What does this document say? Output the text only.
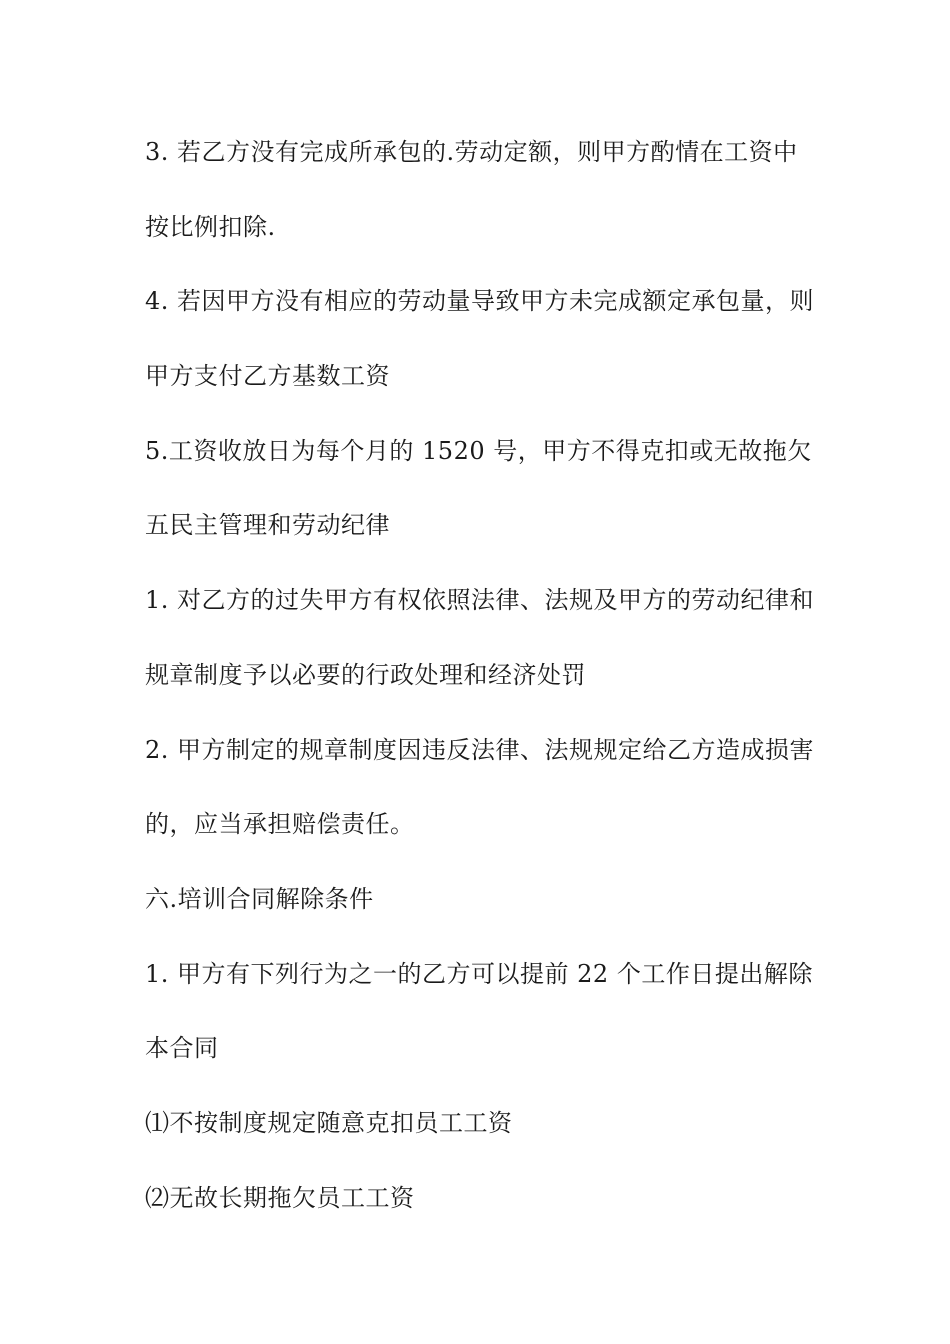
3. 若乙方没有完成所承包的.劳动定额，则甲方酌情在工资中
按比例扣除.
4. 若因甲方没有相应的劳动量导致甲方未完成额定承包量，则
甲方支付乙方基数工资
5.工资收放日为每个月的 1520 号，甲方不得克扣或无故拖欠
五民主管理和劳动纪律
1. 对乙方的过失甲方有权依照法律、法规及甲方的劳动纪律和
规章制度予以必要的行政处理和经济处罚
2. 甲方制定的规章制度因违反法律、法规规定给乙方造成损害
的，应当承担赔偿责任。
六.培训合同解除条件
1. 甲方有下列行为之一的乙方可以提前 22 个工作日提出解除
本合同
⑴不按制度规定随意克扣员工工资
⑵无故长期拖欠员工工资
